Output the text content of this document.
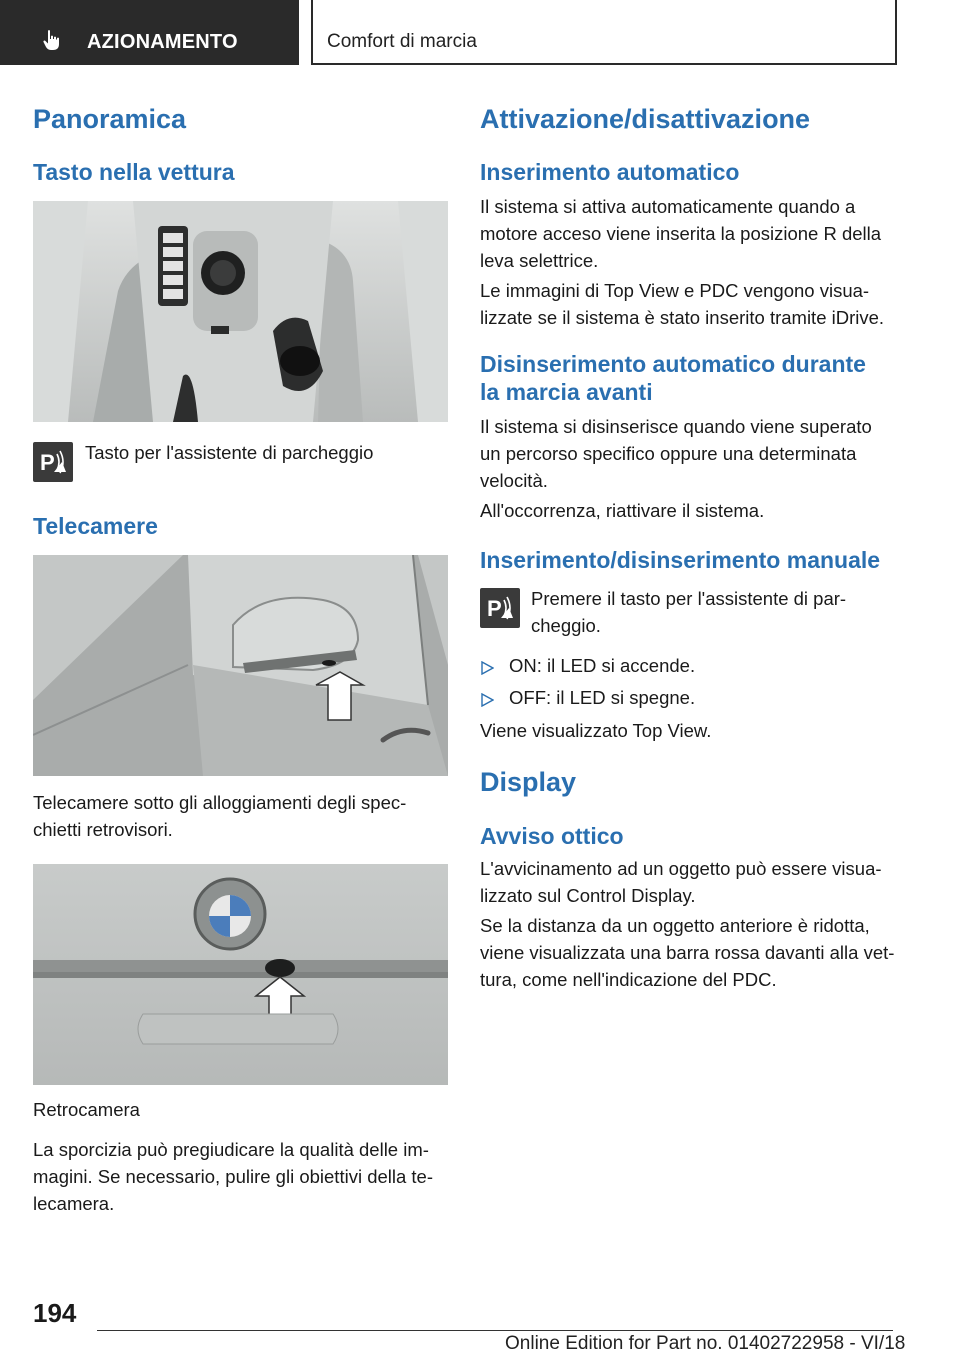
AZIONAMENTO	Comfort di marcia
Panoramica
Tasto nella vettura
P Tasto per l'assistente di parcheggio

Telecamere

Telecamere sotto gli alloggiamenti degli spec-

chietti retrovisori.

Retrocamera

La sporcizia può pregiudicare la qualità delle im-

magini. Se necessario, pulire gli obiettivi della te-

lecamera.

Attivazione/disattivazione
Inserimento automatico

Il sistema si attiva automaticamente quando a

motore acceso viene inserita la posizione R della

leva selettrice.

Le immagini di Top View e PDC vengono visua-

lizzate se il sistema è stato inserito tramite iDrive.

Disinserimento automatico durante
la marcia avanti

Il sistema si disinserisce quando viene superato

un percorso specifico oppure una determinata

velocità.

All'occorrenza, riattivare il sistema.

Inserimento/disinserimento manuale
P Premere il tasto per l'assistente di par-

cheggio.

ON: il LED si accende.

OFF: il LED si spegne.

Viene visualizzato Top View.

Display
Avviso ottico

L'avvicinamento ad un oggetto può essere visua-

lizzato sul Control Display.

Se la distanza da un oggetto anteriore è ridotta,

viene visualizzata una barra rossa davanti alla vet-

tura, come nell'indicazione del PDC.

194
Online Edition for Part no. 01402722958 - VI/18
